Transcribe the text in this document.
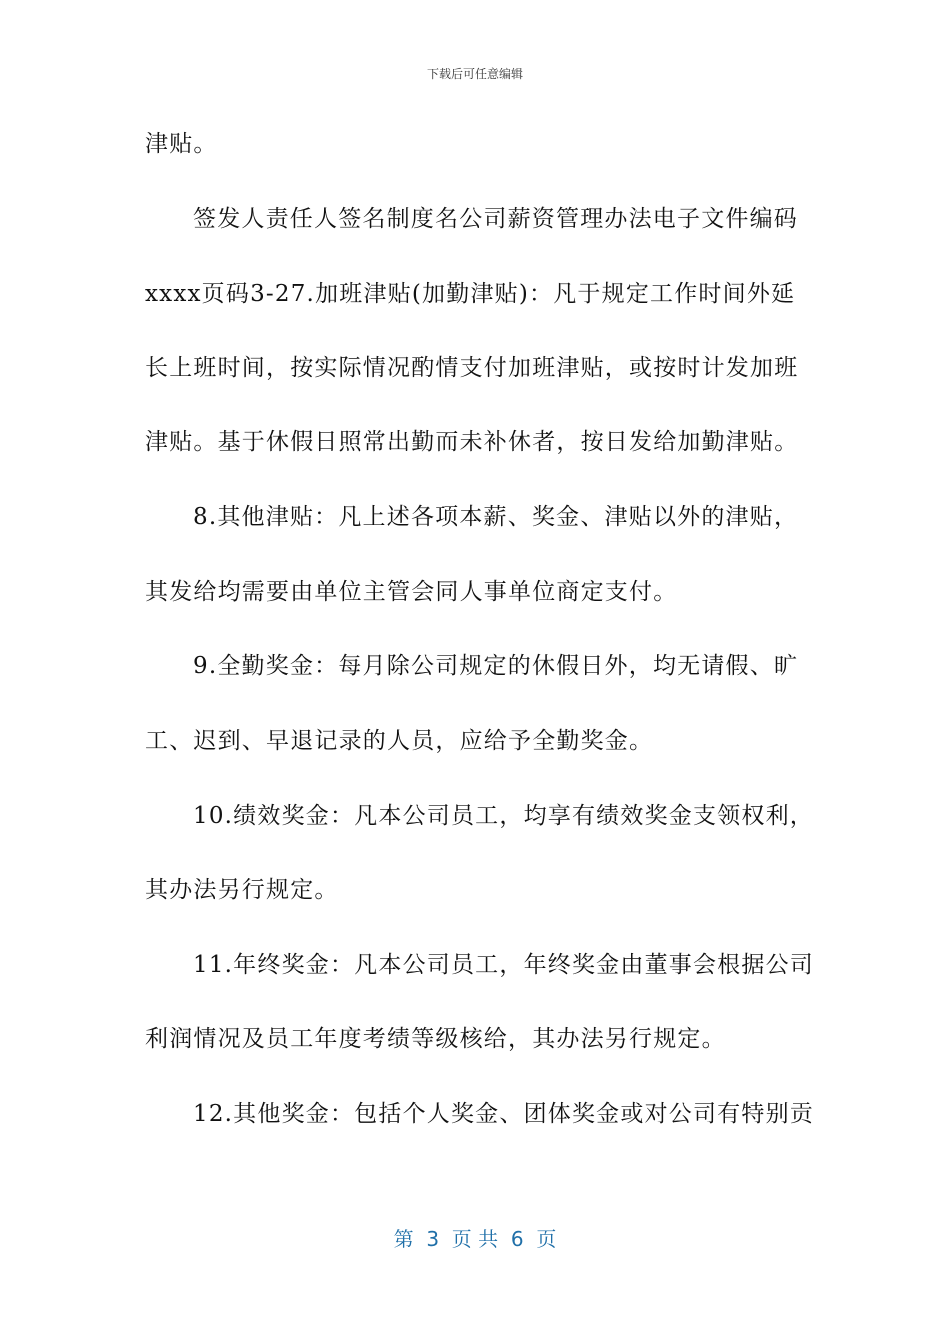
下载后可任意编辑
津贴。
签发人责任人签名制度名公司薪资管理办法电子文件编码
xxxx页码3-27.加班津贴(加勤津贴)：凡于规定工作时间外延
长上班时间，按实际情况酌情支付加班津贴，或按时计发加班
津贴。基于休假日照常出勤而未补休者，按日发给加勤津贴。
8.其他津贴：凡上述各项本薪、奖金、津贴以外的津贴，
其发给均需要由单位主管会同人事单位商定支付。
9.全勤奖金：每月除公司规定的休假日外，均无请假、旷
工、迟到、早退记录的人员，应给予全勤奖金。
10.绩效奖金：凡本公司员工，均享有绩效奖金支领权利，
其办法另行规定。
11.年终奖金：凡本公司员工，年终奖金由董事会根据公司
利润情况及员工年度考绩等级核给，其办法另行规定。
12.其他奖金：包括个人奖金、团体奖金或对公司有特别贡
第  3  页 共  6  页
